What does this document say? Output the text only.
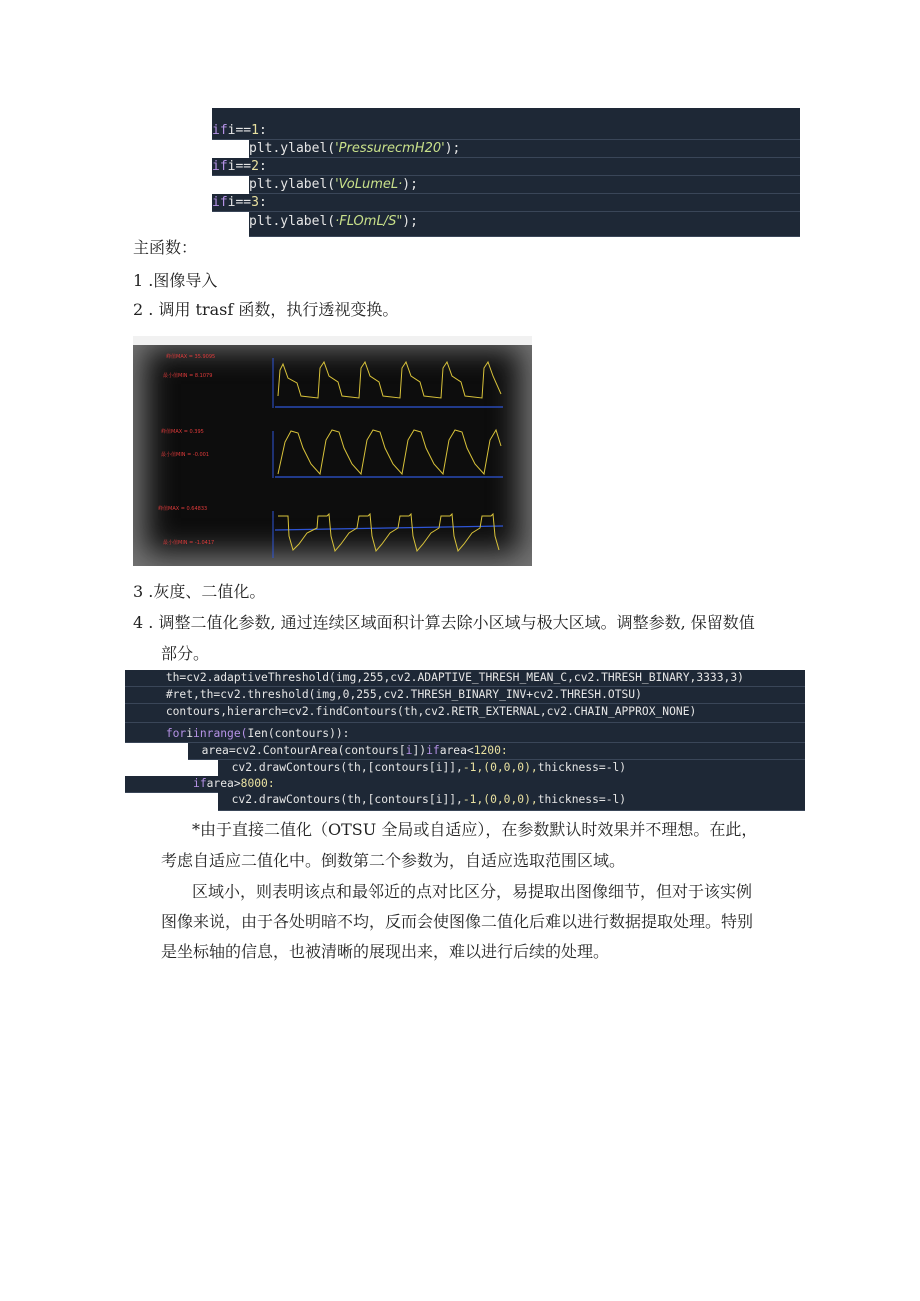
ifi==1:
plt.ylabel('PressurecmH20');
ifi==2:
plt.ylabel('VoLumeL·);
ifi==3:
plt.ylabel(·FLOmL/S");
主函数：
1 .图像导入
2 . 调用 trasf 函数，执行透视变换。
峰值MAX = 35.9095
最小值MIN = 8.1079
峰值MAX = 0.395
最小值MIN = -0.001
峰值MAX = 0.64833
最小值MIN = -1.0417
3 .灰度、二值化。
4 . 调整二值化参数, 通过连续区域面积计算去除小区域与极大区域。调整参数, 保留数值
部分。
th=cv2.adaptiveThreshold(img,255,cv2.ADAPTIVE_THRESH_MEAN_C,cv2.THRESH_BINARY,3333,3)
#ret,th=cv2.threshold(img,0,255,cv2.THRESH_BINARY_INV+cv2.THRESH.OTSU)
contours,hierarch=cv2.findContours(th,cv2.RETR_EXTERNAL,cv2.CHAIN_APPROX_NONE)
foriinrange(Ien(contours)):
area=cv2.ContourArea(contours[i])ifarea<1200:
cv2.drawContours(th,[contours[i]],-1,(0,0,0),thickness=-l)
ifarea>8000:
cv2.drawContours(th,[contours[i]],-1,(0,0,0),thickness=-l)
*由于直接二值化（OTSU 全局或自适应），在参数默认时效果并不理想。在此，
考虑自适应二值化中。倒数第二个参数为，自适应选取范围区域。
区域小，则表明该点和最邻近的点对比区分，易提取出图像细节，但对于该实例
图像来说，由于各处明暗不均，反而会使图像二值化后难以进行数据提取处理。特别
是坐标轴的信息，也被清晰的展现出来，难以进行后续的处理。
